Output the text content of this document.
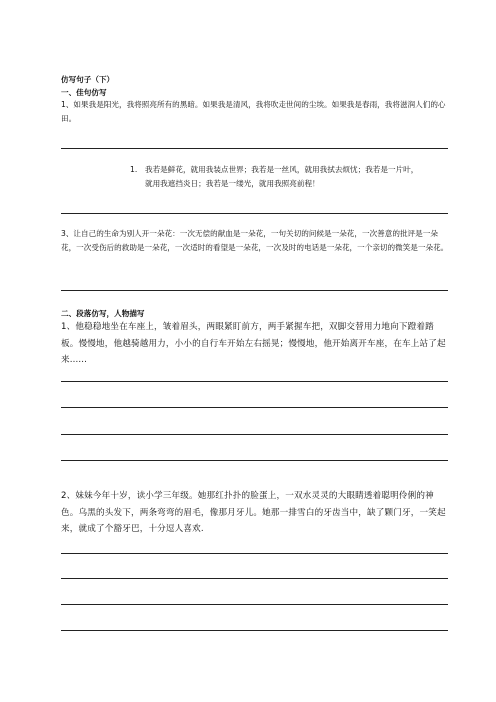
仿写句子（下）
一、佳句仿写
1、如果我是阳光，我将照亮所有的黑暗。如果我是清风，我将吹走世间的尘埃。如果我是春雨，我将滋润人们的心田。
1. 我若是鲜花，就用我装点世界；我若是一丝风，就用我拭去烦忧；我若是一片叶，
就用我遮挡炎日；我若是一缕光，就用我照亮前程！
3、让自己的生命为别人开一朵花：一次无偿的献血是一朵花，一句关切的问候是一朵花，一次善意的批评是一朵花，一次受伤后的救助是一朵花，一次适时的看望是一朵花，一次及时的电话是一朵花，一个亲切的微笑是一朵花。
二、段落仿写，人物描写
1、他稳稳地坐在车座上，皱着眉头，两眼紧盯前方，两手紧握车把，双脚交替用力地向下蹬着踏板。慢慢地，他越骑越用力，小小的自行车开始左右摇晃；慢慢地，他开始离开车座，在车上站了起来......
2、妹妹今年十岁，读小学三年级。她那红扑扑的脸蛋上，一双水灵灵的大眼睛透着聪明伶俐的神色。乌黑的头发下，两条弯弯的眉毛，像那月牙儿。她那一排雪白的牙齿当中，缺了颗门牙，一笑起来，就成了个豁牙巴，十分逗人喜欢.
